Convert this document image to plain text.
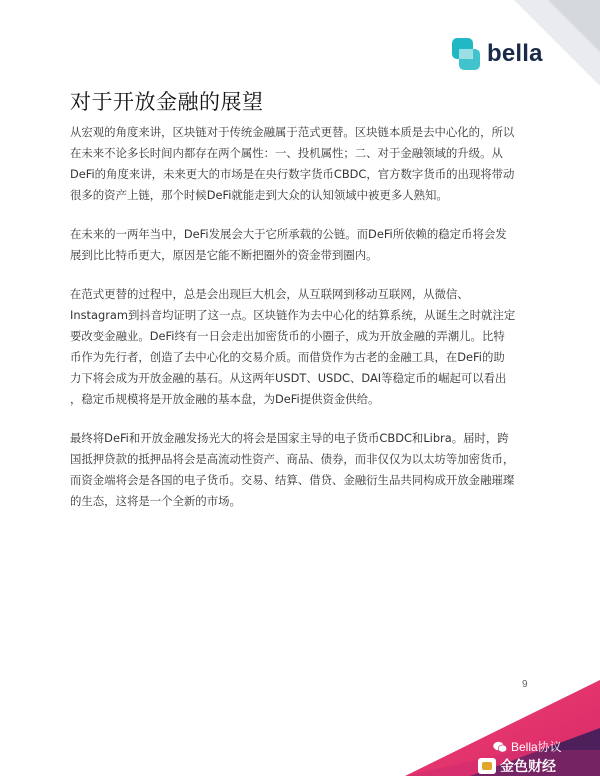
bella
对于开放金融的展望

从宏观的角度来讲，区块链对于传统金融属于范式更替。区块链本质是去中心化的，所以
在未来不论多长时间内都存在两个属性：一、投机属性；二、对于金融领域的升级。从
DeFi的角度来讲，未来更大的市场是在央行数字货币CBDC，官方数字货币的出现将带动
很多的资产上链，那个时候DeFi就能走到大众的认知领域中被更多人熟知。

在未来的一两年当中，DeFi发展会大于它所承载的公链。而DeFi所依赖的稳定币将会发
展到比比特币更大，原因是它能不断把圈外的资金带到圈内。

在范式更替的过程中，总是会出现巨大机会，从互联网到移动互联网，从微信、
Instagram到抖音均证明了这一点。区块链作为去中心化的结算系统，从诞生之时就注定
要改变金融业。DeFi终有一日会走出加密货币的小圈子，成为开放金融的弄潮儿。比特
币作为先行者，创造了去中心化的交易介质。而借贷作为古老的金融工具，在DeFi的助
力下将会成为开放金融的基石。从这两年USDT、USDC、DAI等稳定币的崛起可以看出
，稳定币规模将是开放金融的基本盘，为DeFi提供资金供给。

最终将DeFi和开放金融发扬光大的将会是国家主导的电子货币CBDC和Libra。届时，跨
国抵押贷款的抵押品将会是高流动性资产、商品、债券，而非仅仅为以太坊等加密货币，
而资金端将会是各国的电子货币。交易、结算、借贷、金融衍生品共同构成开放金融璀璨
的生态，这将是一个全新的市场。

9
Bella协议
金色财经
